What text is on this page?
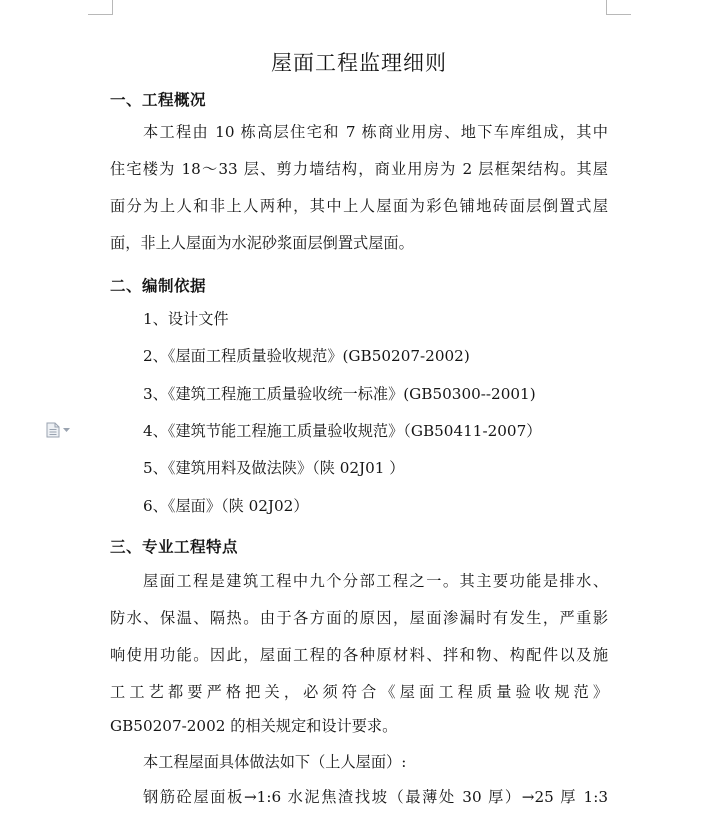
屋面工程监理细则
一、工程概况
本工程由 10 栋高层住宅和 7 栋商业用房、地下车库组成，其中
住宅楼为 18～33 层、剪力墙结构，商业用房为 2 层框架结构。其屋
面分为上人和非上人两种，其中上人屋面为彩色铺地砖面层倒置式屋
面，非上人屋面为水泥砂浆面层倒置式屋面。
二、编制依据
1、设计文件
2、《屋面工程质量验收规范》(GB50207-2002)
3、《建筑工程施工质量验收统一标准》(GB50300--2001)
4、《建筑节能工程施工质量验收规范》（GB50411-2007）
5、《建筑用料及做法陕》（陕 02J01 ）
6、《屋面》（陕 02J02）
三、专业工程特点
屋面工程是建筑工程中九个分部工程之一。其主要功能是排水、
防水、保温、隔热。由于各方面的原因，屋面渗漏时有发生，严重影
响使用功能。因此，屋面工程的各种原材料、拌和物、构配件以及施
工工艺都要严格把关，必须符合《屋面工程质量验收规范》
GB50207-2002 的相关规定和设计要求。
本工程屋面具体做法如下（上人屋面）:
钢筋砼屋面板→1:6 水泥焦渣找坡（最薄处 30 厚）→25 厚 1:3
